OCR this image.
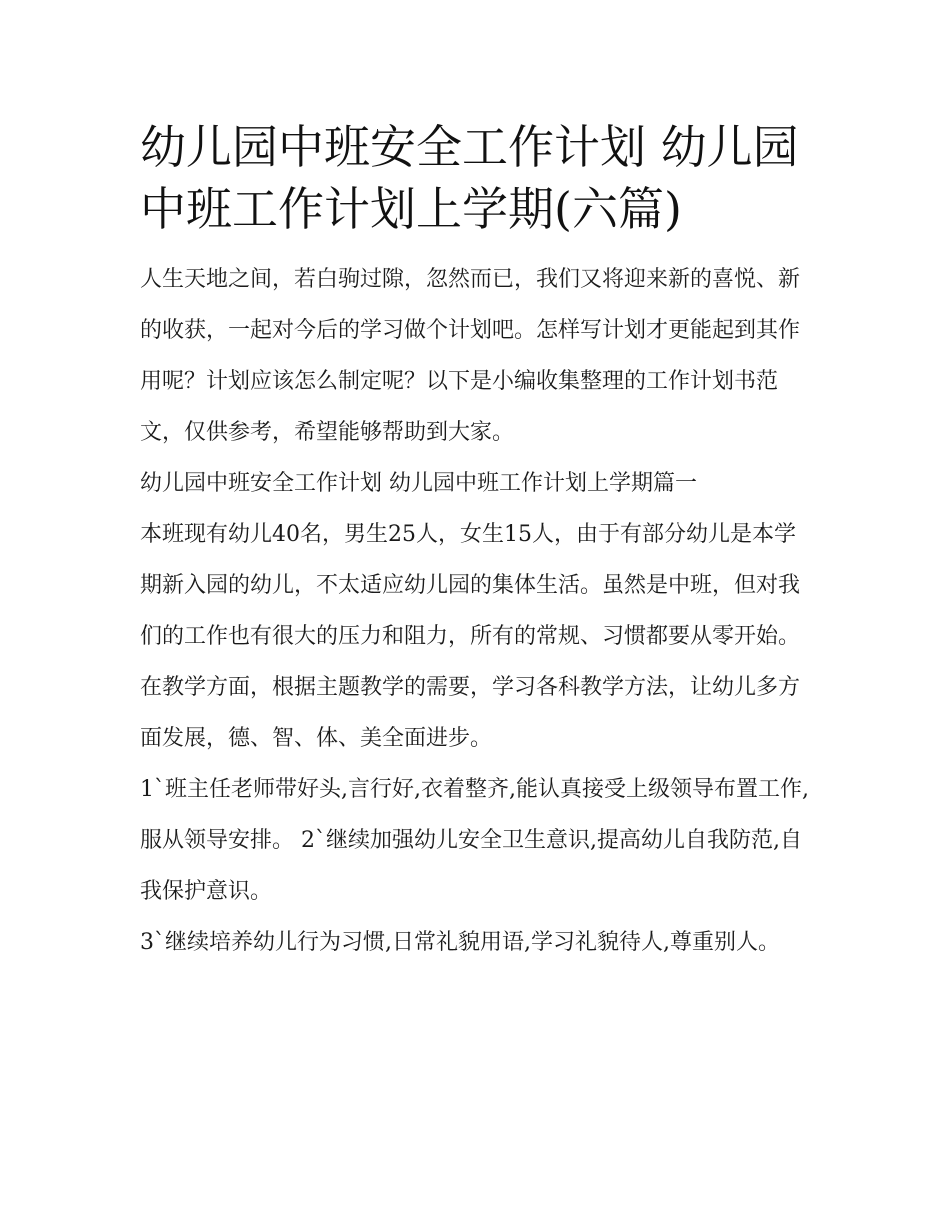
幼儿园中班安全工作计划 幼儿园中班工作计划上学期(六篇)

人生天地之间，若白驹过隙，忽然而已，我们又将迎来新的喜悦、新的收获，一起对今后的学习做个计划吧。怎样写计划才更能起到其作用呢？计划应该怎么制定呢？以下是小编收集整理的工作计划书范文，仅供参考，希望能够帮助到大家。

幼儿园中班安全工作计划 幼儿园中班工作计划上学期篇一

本班现有幼儿40名，男生25人，女生15人，由于有部分幼儿是本学期新入园的幼儿，不太适应幼儿园的集体生活。虽然是中班，但对我们的工作也有很大的压力和阻力，所有的常规、习惯都要从零开始。在教学方面，根据主题教学的需要，学习各科教学方法，让幼儿多方面发展，德、智、体、美全面进步。

1`班主任老师带好头,言行好,衣着整齐,能认真接受上级领导布置工作,服从领导安排。 2`继续加强幼儿安全卫生意识,提高幼儿自我防范,自我保护意识。

3`继续培养幼儿行为习惯,日常礼貌用语,学习礼貌待人,尊重别人。
